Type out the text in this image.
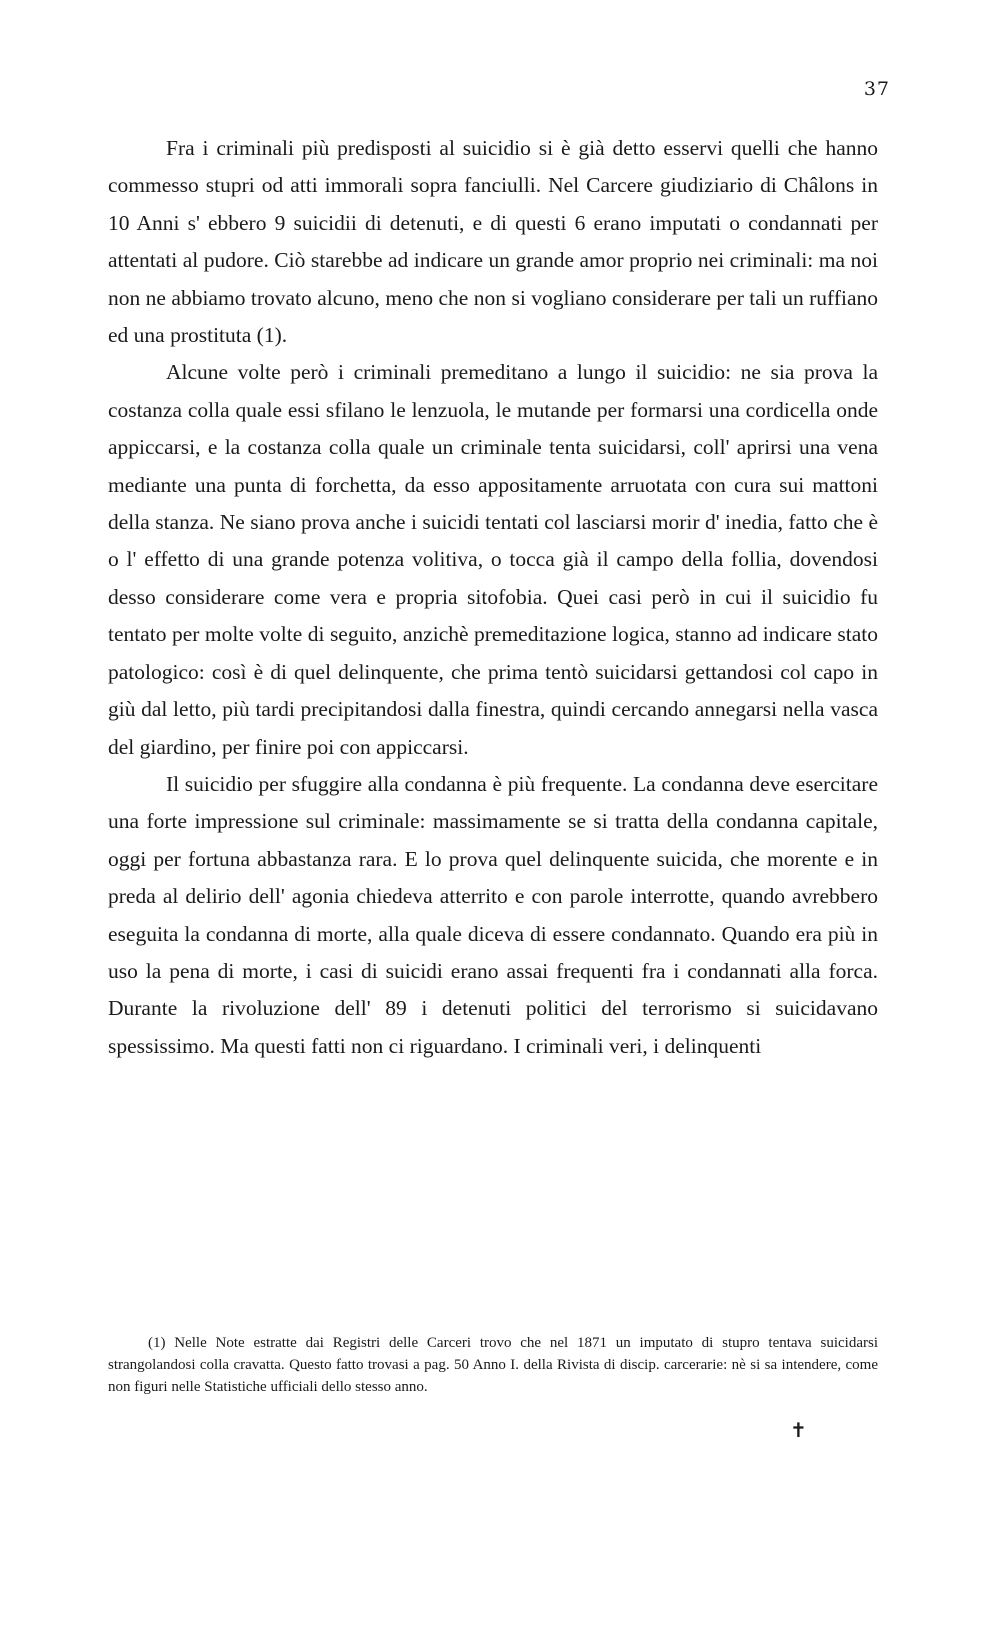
37

Fra i criminali più predisposti al suicidio si è già detto esservi quelli che hanno commesso stupri od atti immorali sopra fanciulli. Nel Carcere giudiziario di Châlons in 10 Anni s' ebbero 9 suicidii di detenuti, e di questi 6 erano imputati o condannati per attentati al pudore. Ciò starebbe ad indicare un grande amor proprio nei criminali: ma noi non ne abbiamo trovato alcuno, meno che non si vogliano considerare per tali un ruffiano ed una prostituta (1).

Alcune volte però i criminali premeditano a lungo il suicidio: ne sia prova la costanza colla quale essi sfilano le lenzuola, le mutande per formarsi una cordicella onde appiccarsi, e la costanza colla quale un criminale tenta suicidarsi, coll' aprirsi una vena mediante una punta di forchetta, da esso appositamente arruotata con cura sui mattoni della stanza. Ne siano prova anche i suicidi tentati col lasciarsi morir d' inedia, fatto che è o l' effetto di una grande potenza volitiva, o tocca già il campo della follia, dovendosi desso considerare come vera e propria sitofobia. Quei casi però in cui il suicidio fu tentato per molte volte di seguito, anzichè premeditazione logica, stanno ad indicare stato patologico: così è di quel delinquente, che prima tentò suicidarsi gettandosi col capo in giù dal letto, più tardi precipitandosi dalla finestra, quindi cercando annegarsi nella vasca del giardino, per finire poi con appiccarsi.

Il suicidio per sfuggire alla condanna è più frequente. La condanna deve esercitare una forte impressione sul criminale: massimamente se si tratta della condanna capitale, oggi per fortuna abbastanza rara. E lo prova quel delinquente suicida, che morente e in preda al delirio dell' agonia chiedeva atterrito e con parole interrotte, quando avrebbero eseguita la condanna di morte, alla quale diceva di essere condannato. Quando era più in uso la pena di morte, i casi di suicidi erano assai frequenti fra i condannati alla forca. Durante la rivoluzione dell' 89 i detenuti politici del terrorismo si suicidavano spessissimo. Ma questi fatti non ci riguardano. I criminali veri, i delinquenti

(1) Nelle Note estratte dai Registri delle Carceri trovo che nel 1871 un imputato di stupro tentava suicidarsi strangolandosi colla cravatta. Questo fatto trovasi a pag. 50 Anno I. della Rivista di discip. carcerarie: nè si sa intendere, come non figuri nelle Statistiche ufficiali dello stesso anno.

✝
